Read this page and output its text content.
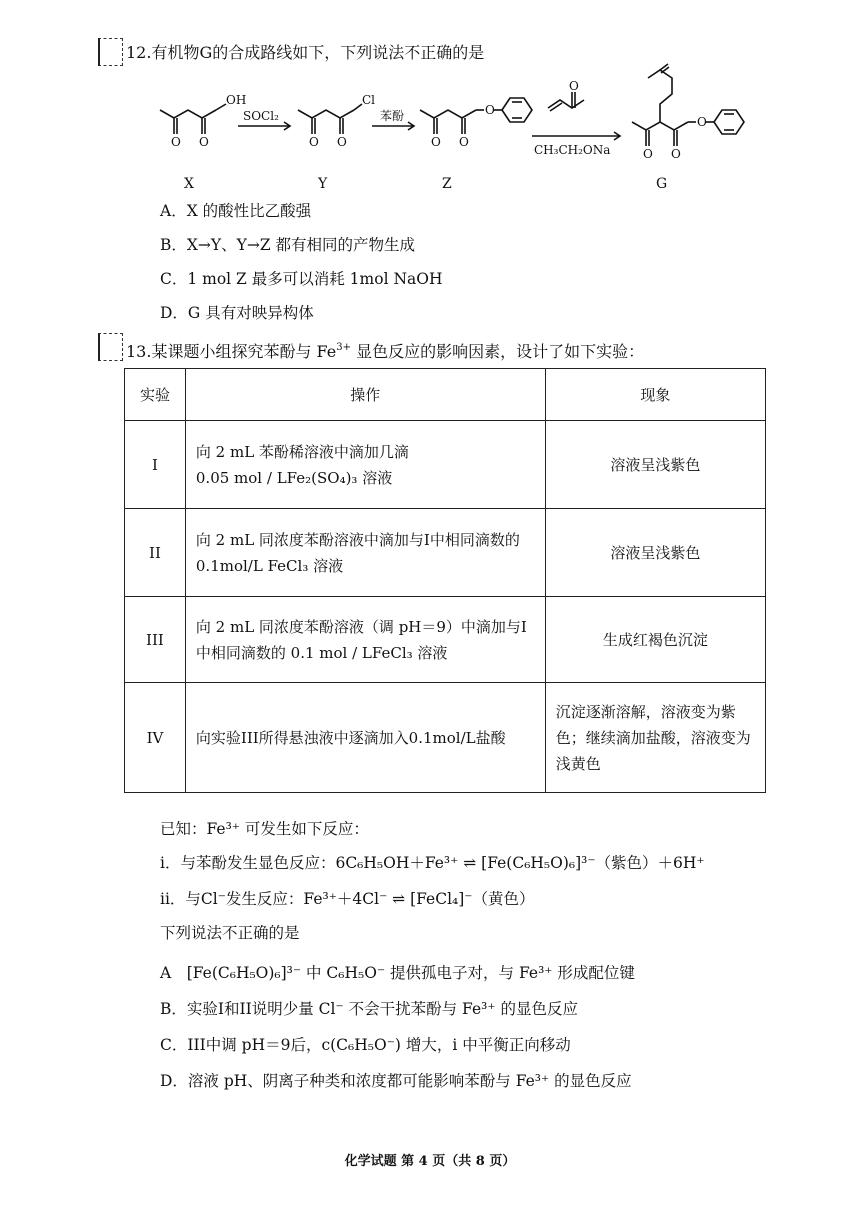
12.有机物G的合成路线如下，下列说法不正确的是
OH
O O
Cl
O O	O O
O
O
O O
O
SOCl₂	苯酚
CH₃CH₂ONa
X	Y	Z	G
A．X 的酸性比乙酸强
B．X→Y、Y→Z 都有相同的产物生成
C．1 mol Z 最多可以消耗 1mol NaOH
D．G 具有对映异构体
13.某课题小组探究苯酚与 $Fe^{3+}$ 显色反应的影响因素，设计了如下实验：
实验	操作	现象
I	向 2 mL 苯酚稀溶液中滴加几滴
0.05 mol / LFe₂(SO₄)₃ 溶液	溶液呈浅紫色
II	向 2 mL 同浓度苯酚溶液中滴加与I中相同滴数的
0.1mol/L FeCl₃ 溶液	溶液呈浅紫色
III	向 2 mL 同浓度苯酚溶液（调 pH＝9）中滴加与I
中相同滴数的 0.1 mol / LFeCl₃ 溶液	生成红褐色沉淀
IV	向实验III所得悬浊液中逐滴加入0.1mol/L盐酸	沉淀逐渐溶解，溶液变为紫色；继续滴加盐酸，溶液变为浅黄色
已知：Fe³⁺ 可发生如下反应：
i．与苯酚发生显色反应：6C₆H₅OH＋Fe³⁺ ⇌ [Fe(C₆H₅O)₆]³⁻（紫色）＋6H⁺
ii．与Cl⁻发生反应：Fe³⁺＋4Cl⁻ ⇌ [FeCl₄]⁻（黄色）
下列说法不正确的是
A　[Fe(C₆H₅O)₆]³⁻ 中 C₆H₅O⁻ 提供孤电子对，与 Fe³⁺ 形成配位键
B．实验I和II说明少量 Cl⁻ 不会干扰苯酚与 Fe³⁺ 的显色反应
C．III中调 pH＝9后，c(C₆H₅O⁻) 增大，i 中平衡正向移动
D．溶液 pH、阴离子种类和浓度都可能影响苯酚与 Fe³⁺ 的显色反应
化学试题 第 4 页（共 8 页）
